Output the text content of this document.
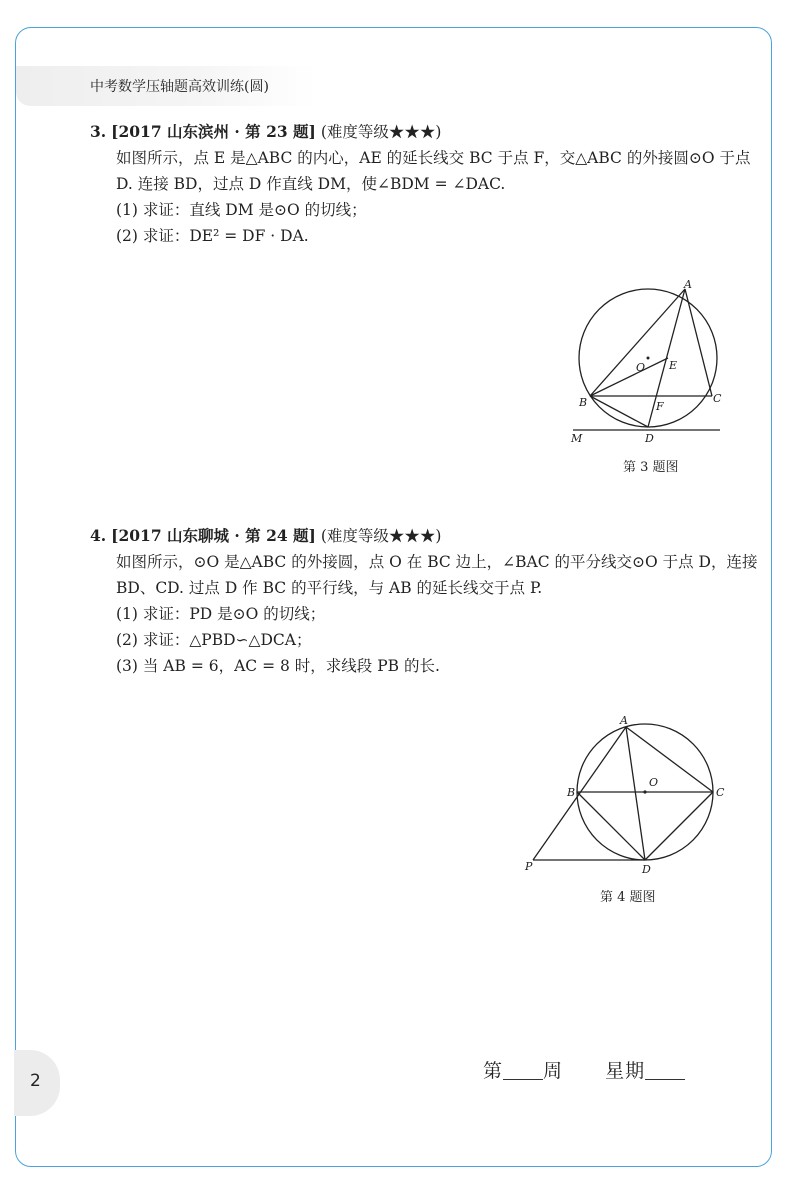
中考数学压轴题高效训练(圆)
3. [2017 山东滨州 · 第 23 题] (难度等级★★★)
如图所示，点 E 是△ABC 的内心，AE 的延长线交 BC 于点 F，交△ABC 的外接圆⊙O 于点
D. 连接 BD，过点 D 作直线 DM，使∠BDM = ∠DAC.
(1) 求证：直线 DM 是⊙O 的切线；
(2) 求证：DE² = DF · DA.
A
B	C
D
E
F
O
M
第 3 题图
4. [2017 山东聊城 · 第 24 题] (难度等级★★★)
如图所示，⊙O 是△ABC 的外接圆，点 O 在 BC 边上，∠BAC 的平分线交⊙O 于点 D，连接
BD、CD. 过点 D 作 BC 的平行线，与 AB 的延长线交于点 P.
(1) 求证：PD 是⊙O 的切线；
(2) 求证：△PBD∽△DCA；
(3) 当 AB = 6，AC = 8 时，求线段 PB 的长.
A
B	C
D
O
P
第 4 题图
2	第 周 星期
